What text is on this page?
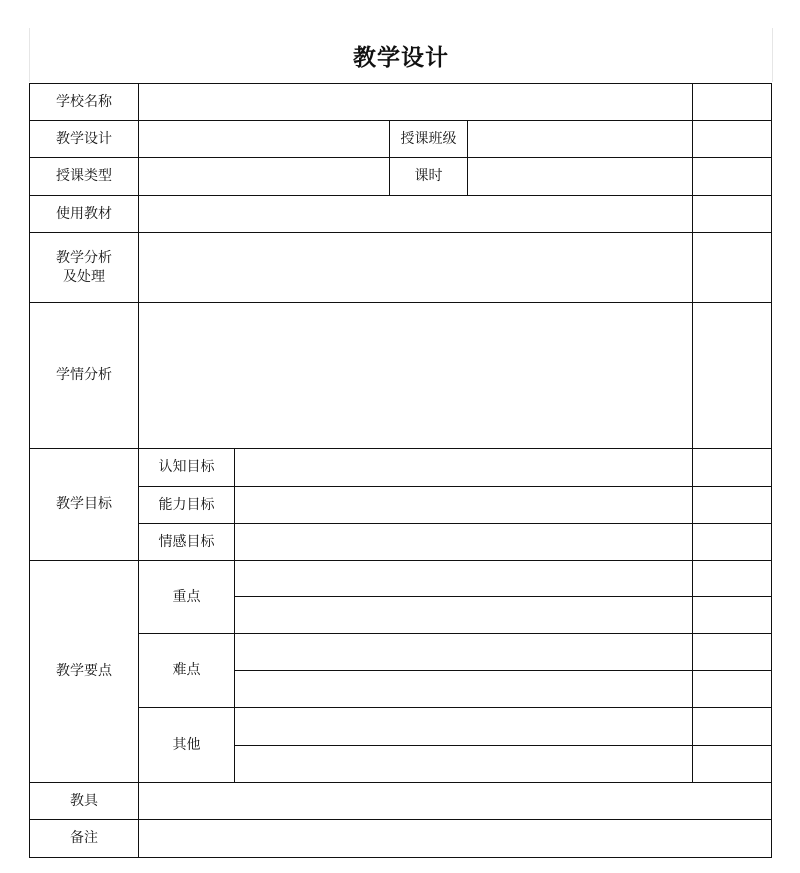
教学设计
学校名称
教学设计	授课班级
授课类型	课时
使用教材
教学分析
及处理
学情分析
教学目标
认知目标
能力目标
情感目标
教学要点
重点
难点
其他
教具
备注
